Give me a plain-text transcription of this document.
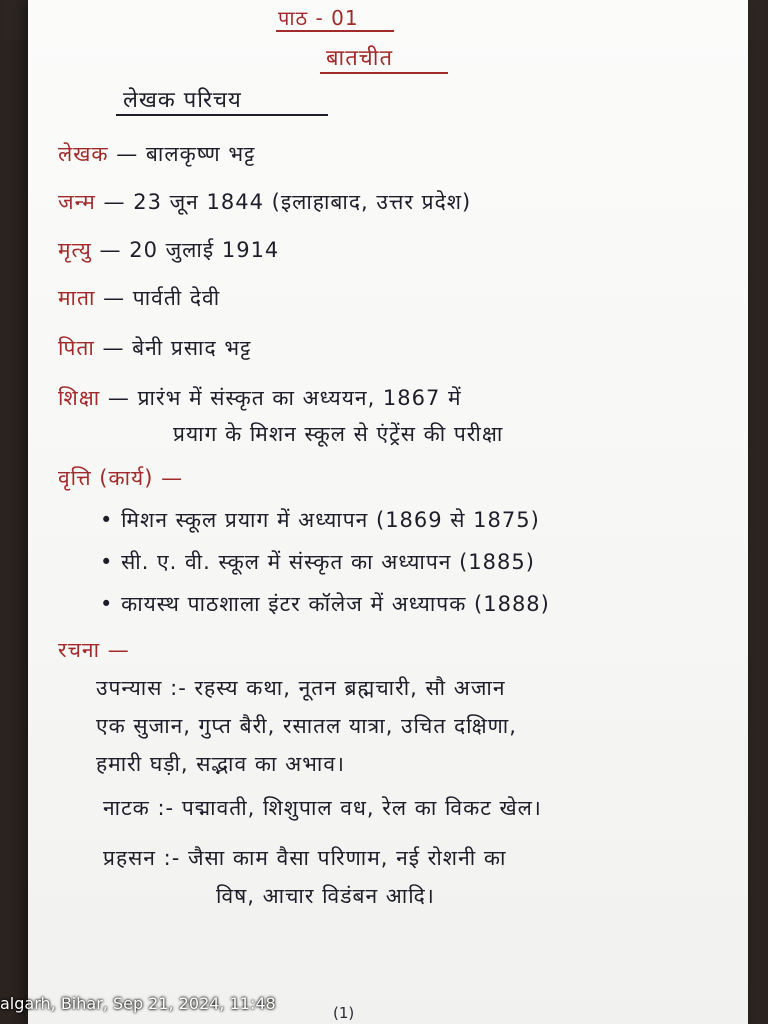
पाठ - 01
बातचीत
लेखक परिचय
लेखक — बालकृष्ण भट्ट
जन्म — 23 जून 1844 (इलाहाबाद, उत्तर प्रदेश)
मृत्यु — 20 जुलाई 1914
माता — पार्वती देवी
पिता — बेनी प्रसाद भट्ट
शिक्षा — प्रारंभ में संस्कृत का अध्ययन, 1867 में
प्रयाग के मिशन स्कूल से एंट्रेंस की परीक्षा
वृत्ति (कार्य) —
• मिशन स्कूल प्रयाग में अध्यापन (1869 से 1875)
• सी. ए. वी. स्कूल में संस्कृत का अध्यापन (1885)
• कायस्थ पाठशाला इंटर कॉलेज में अध्यापक (1888)
रचना —
उपन्यास :- रहस्य कथा, नूतन ब्रह्मचारी, सौ अजान
एक सुजान, गुप्त बैरी, रसातल यात्रा, उचित दक्षिणा,
हमारी घड़ी, सद्भाव का अभाव।
नाटक :- पद्मावती, शिशुपाल वध, रेल का विकट खेल।
प्रहसन :- जैसा काम वैसा परिणाम, नई रोशनी का
विष, आचार विडंबन आदि।
(1)
algarh, Bihar, Sep 21, 2024, 11:48
